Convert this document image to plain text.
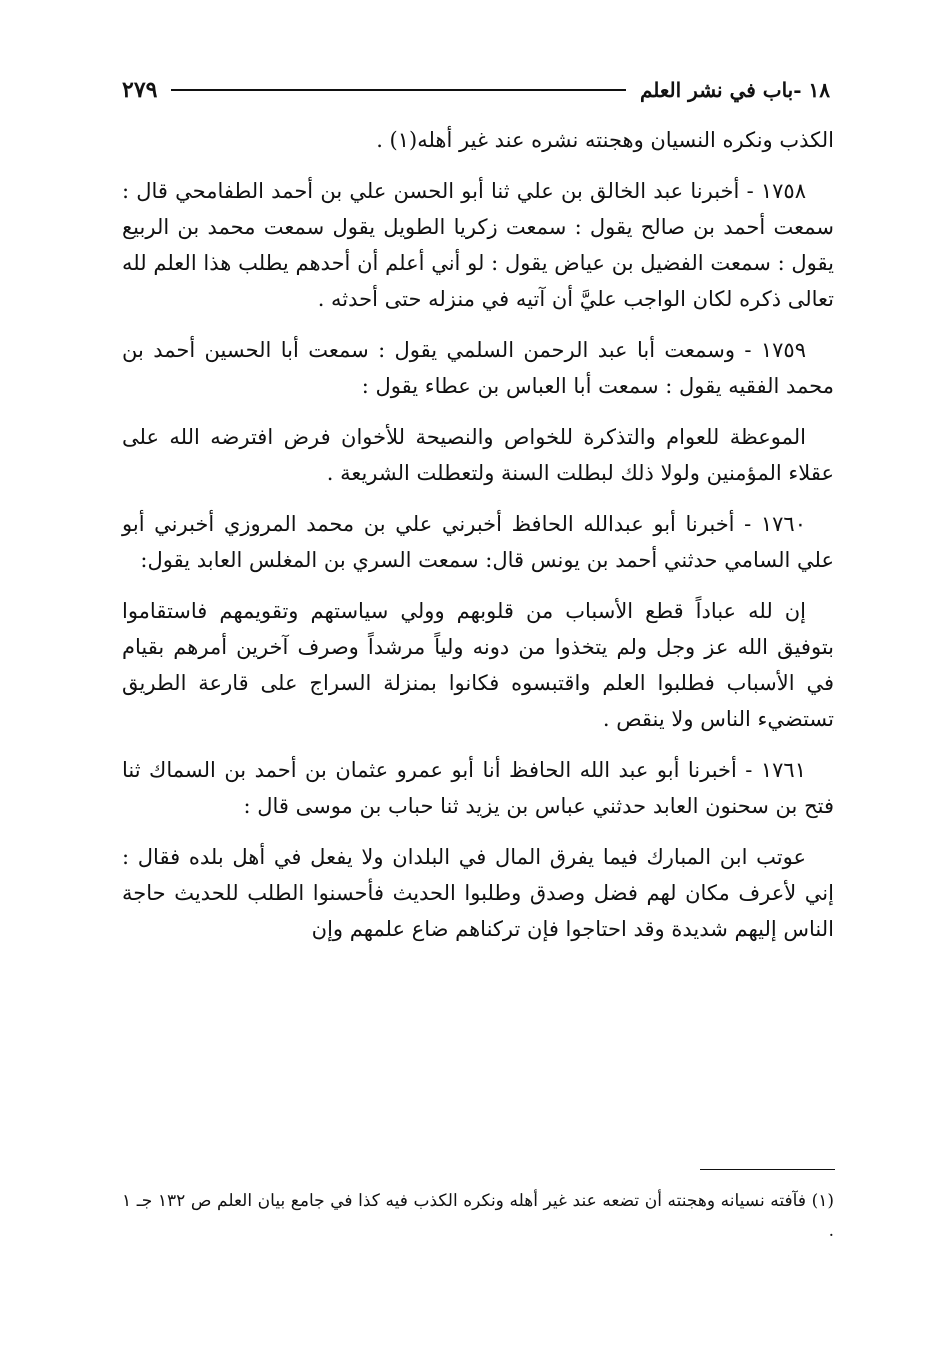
١٨ -باب في نشر العلم
٢٧٩

الكذب ونكره النسيان وهجنته نشره عند غير أهله(١) .

١٧٥٨ - أخبرنا عبد الخالق بن علي ثنا أبو الحسن علي بن أحمد الطفامحي قال : سمعت أحمد بن صالح يقول : سمعت زكريا الطويل يقول سمعت محمد بن الربيع يقول : سمعت الفضيل بن عياض يقول : لو أني أعلم أن أحدهم يطلب هذا العلم لله تعالى ذكره لكان الواجب عليَّ أن آتيه في منزله حتى أحدثه .

١٧٥٩ - وسمعت أبا عبد الرحمن السلمي يقول : سمعت أبا الحسين أحمد بن محمد الفقيه يقول : سمعت أبا العباس بن عطاء يقول :

الموعظة للعوام والتذكرة للخواص والنصيحة للأخوان فرض افترضه الله على عقلاء المؤمنين ولولا ذلك لبطلت السنة ولتعطلت الشريعة .

١٧٦٠ - أخبرنا أبو عبدالله الحافظ أخبرني علي بن محمد المروزي أخبرني أبو علي السامي حدثني أحمد بن يونس قال: سمعت السري بن المغلس العابد يقول:

إن لله عباداً قطع الأسباب من قلوبهم وولي سياستهم وتقويمهم فاستقاموا بتوفيق الله عز وجل ولم يتخذوا من دونه ولياً مرشداً وصرف آخرين أمرهم بقيام في الأسباب فطلبوا العلم واقتبسوه فكانوا بمنزلة السراج على قارعة الطريق تستضيء الناس ولا ينقص .

١٧٦١ - أخبرنا أبو عبد الله الحافظ أنا أبو عمرو عثمان بن أحمد بن السماك ثنا فتح بن سحنون العابد حدثني عباس بن يزيد ثنا حباب بن موسى قال :

عوتب ابن المبارك فيما يفرق المال في البلدان ولا يفعل في أهل بلده فقال : إني لأعرف مكان لهم فضل وصدق وطلبوا الحديث فأحسنوا الطلب للحديث حاجة الناس إليهم شديدة وقد احتاجوا فإن تركناهم ضاع علمهم وإن

(١) فآفته نسيانه وهجنته أن تضعه عند غير أهله ونكره الكذب فيه كذا في جامع بيان العلم ص ١٣٢ جـ ١ .
